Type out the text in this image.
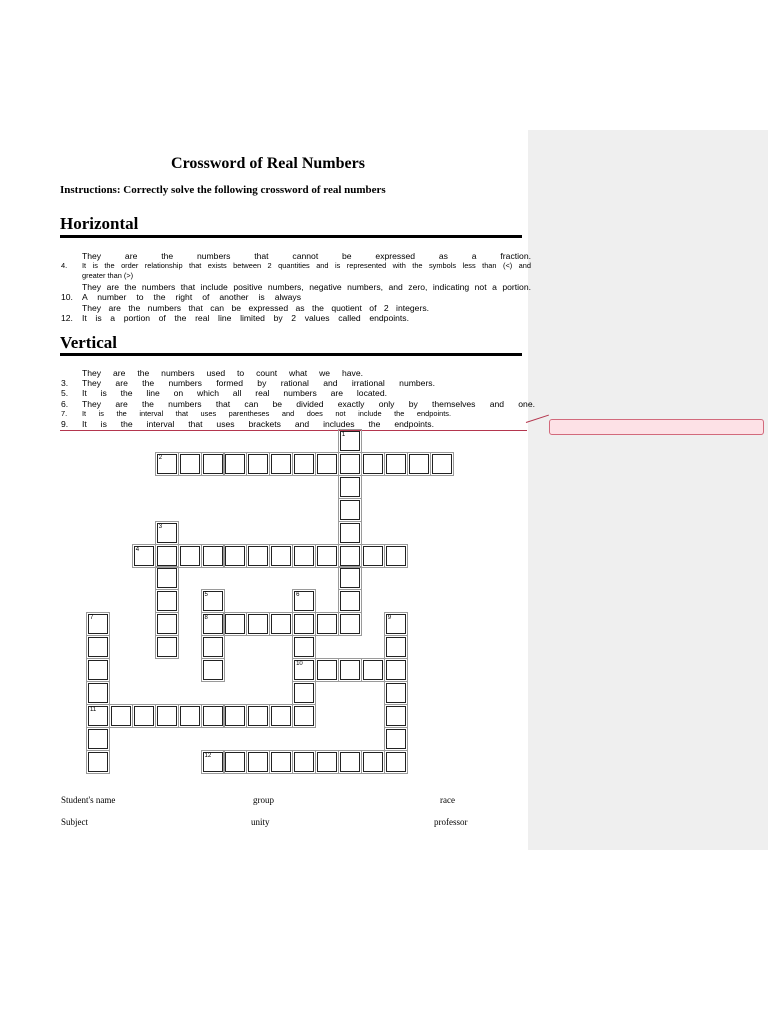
Crossword of Real Numbers

Instructions: Correctly solve the following crossword of real numbers

Horizontal

They are the numbers that cannot be expressed as a fraction.

4. It is the order relationship that exists between 2 quantities and is represented with the symbols less than (<) and
greater than (>)

They are the numbers that include positive numbers, negative numbers, and zero, indicating not a portion.

10. A number to the right of another is always

They are the numbers that can be expressed as the quotient of 2 integers.

12. It is a portion of the real line limited by 2 values called endpoints.

Vertical

They are the numbers used to count what we have.

3. They are the numbers formed by rational and irrational numbers.

5. It is the line on which all real numbers are located.

6. They are the numbers that can be divided exactly only by themselves and one.

7. It is the interval that uses parentheses and does not include the endpoints.

9. It is the interval that uses brackets and includes the endpoints.

1
2
3
4
5
8
6
10
7
11
9
12

Student's name	group	race

Subject	unity	professor
